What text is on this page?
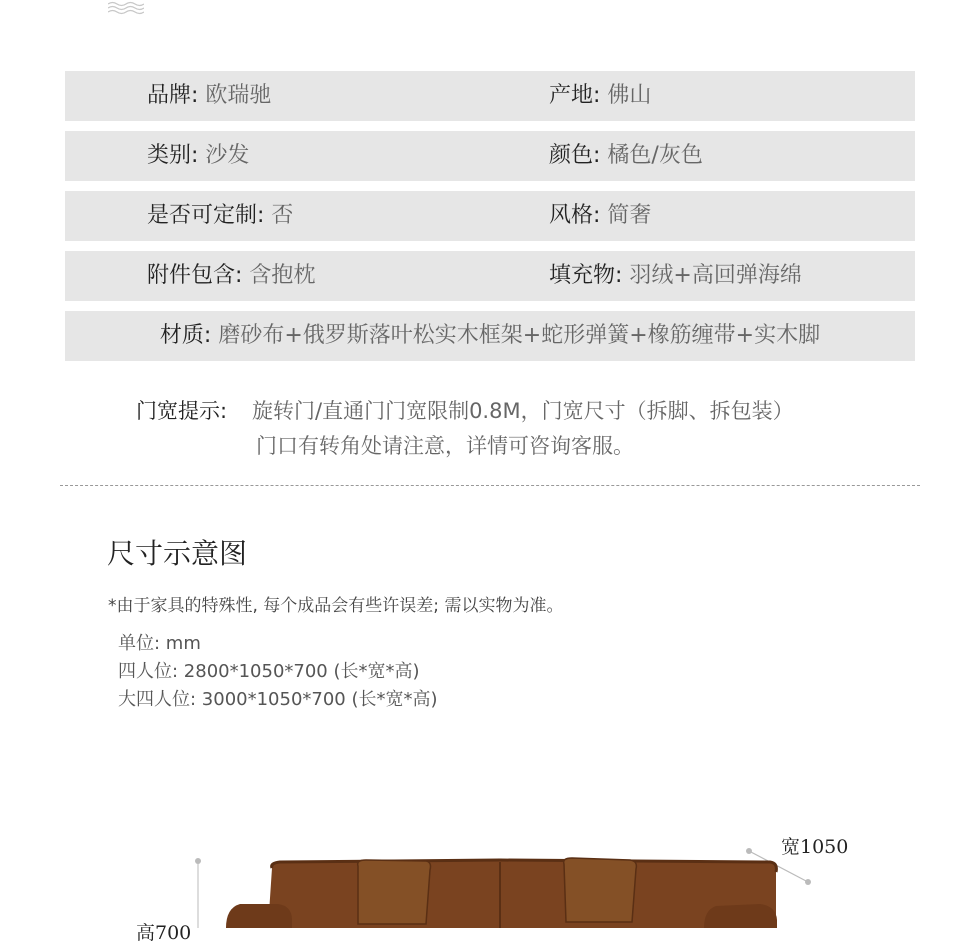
品牌: 欧瑞驰	产地: 佛山
类别: 沙发	颜色: 橘色/灰色
是否可定制: 否	风格: 简奢
附件包含: 含抱枕	填充物: 羽绒+高回弹海绵
材质: 磨砂布+俄罗斯落叶松实木框架+蛇形弹簧+橡筋缠带+实木脚
门宽提示: 旋转门/直通门门宽限制0.8M，门宽尺寸（拆脚、拆包装）
门口有转角处请注意，详情可咨询客服。
尺寸示意图
*由于家具的特殊性, 每个成品会有些许误差; 需以实物为准。
单位: mm
四人位: 2800*1050*700 (长*宽*高)
大四人位: 3000*1050*700 (长*宽*高)
宽1050
高700
